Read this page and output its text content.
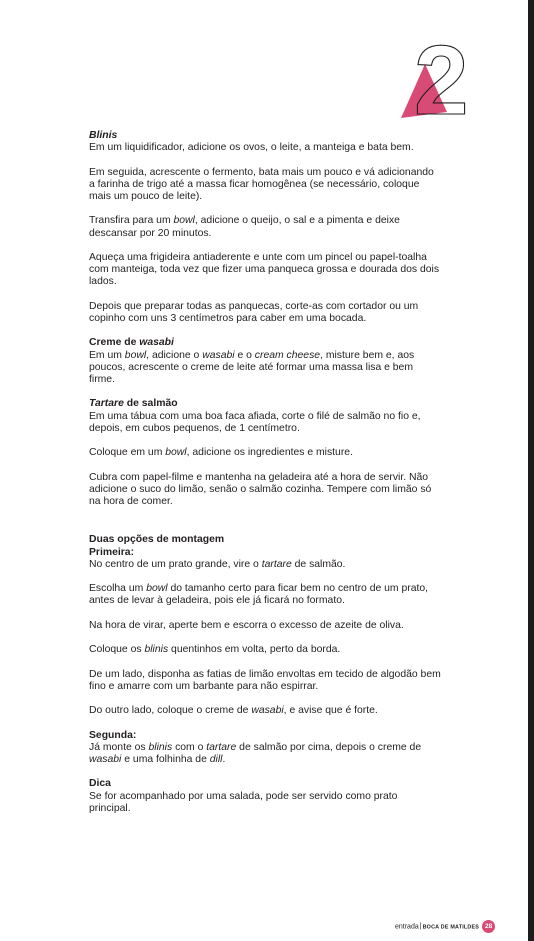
2

Blinis

Em um liquidificador, adicione os ovos, o leite, a manteiga e bata bem.

Em seguida, acrescente o fermento, bata mais um pouco e vá adicionando a farinha de trigo até a massa ficar homogênea (se necessário, coloque mais um pouco de leite).

Transfira para um bowl, adicione o queijo, o sal e a pimenta e deixe descansar por 20 minutos.

Aqueça uma frigideira antiaderente e unte com um pincel ou papel-toalha com manteiga, toda vez que fizer uma panqueca grossa e dourada dos dois lados.

Depois que preparar todas as panquecas, corte-as com cortador ou um copinho com uns 3 centímetros para caber em uma bocada.

Creme de wasabi

Em um bowl, adicione o wasabi e o cream cheese, misture bem e, aos poucos, acrescente o creme de leite até formar uma massa lisa e bem firme.

Tartare de salmão

Em uma tábua com uma boa faca afiada, corte o filé de salmão no fio e, depois, em cubos pequenos, de 1 centímetro.

Coloque em um bowl, adicione os ingredientes e misture.

Cubra com papel-filme e mantenha na geladeira até a hora de servir. Não adicione o suco do limão, senão o salmão cozinha. Tempere com limão só na hora de comer.

Duas opções de montagem

Primeira:

No centro de um prato grande, vire o tartare de salmão.

Escolha um bowl do tamanho certo para ficar bem no centro de um prato, antes de levar à geladeira, pois ele já ficará no formato.

Na hora de virar, aperte bem e escorra o excesso de azeite de oliva.

Coloque os blinis quentinhos em volta, perto da borda.

De um lado, disponha as fatias de limão envoltas em tecido de algodão bem fino e amarre com um barbante para não espirrar.

Do outro lado, coloque o creme de wasabi, e avise que é forte.

Segunda:

Já monte os blinis com o tartare de salmão por cima, depois o creme de wasabi e uma folhinha de dill.

Dica

Se for acompanhado por uma salada, pode ser servido como prato principal.

entrada|BOCA DE MATILDES 28
